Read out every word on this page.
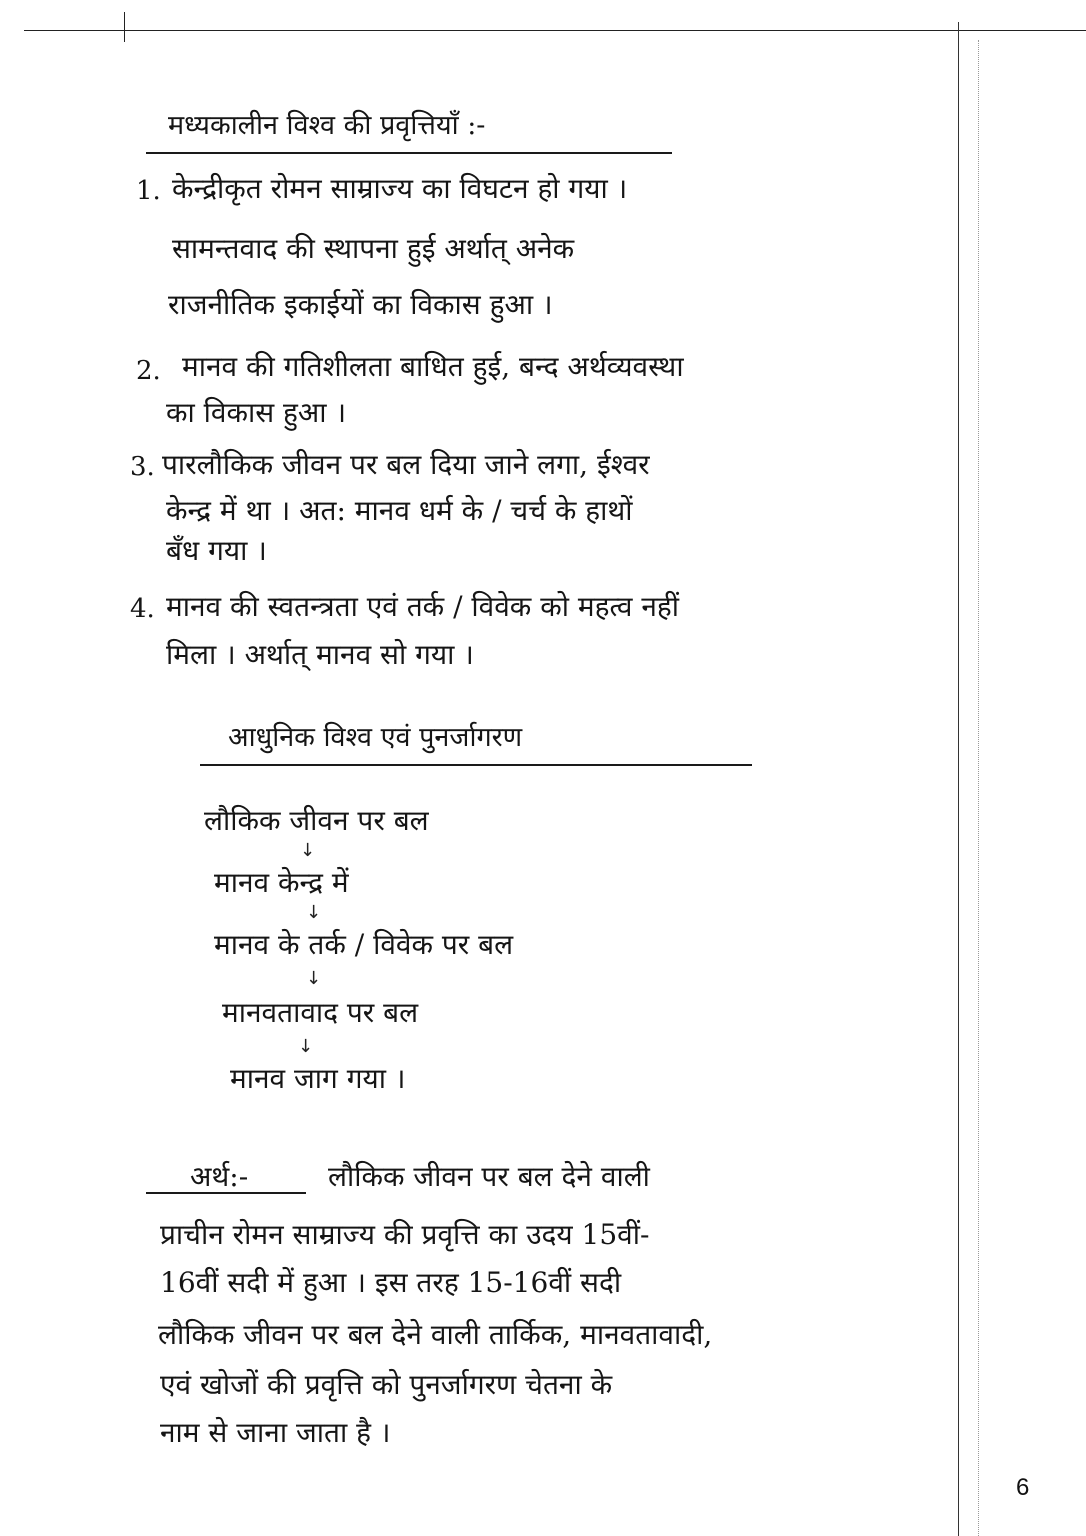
मध्यकालीन विश्व की प्रवृत्तियाँ :-
1. केन्द्रीकृत रोमन साम्राज्य का विघटन हो गया ।
सामन्तवाद की स्थापना हुई अर्थात् अनेक
राजनीतिक इकाईयों का विकास हुआ ।
2. मानव की गतिशीलता बाधित हुई, बन्द अर्थव्यवस्था
का विकास हुआ ।
3. पारलौकिक जीवन पर बल दिया जाने लगा, ईश्वर
केन्द्र में था । अत: मानव धर्म के / चर्च के हाथों
बँध गया ।
4. मानव की स्वतन्त्रता एवं तर्क / विवेक को महत्व नहीं
मिला । अर्थात् मानव सो गया ।
आधुनिक विश्व एवं पुनर्जागरण
लौकिक जीवन पर बल
↓
मानव केन्द्र में
↓
मानव के तर्क / विवेक पर बल
↓
मानवतावाद पर बल
↓
मानव जाग गया ।
अर्थ:-	लौकिक जीवन पर बल देने वाली
प्राचीन रोमन साम्राज्य की प्रवृत्ति का उदय 15वीं-
16वीं सदी में हुआ । इस तरह 15-16वीं सदी
लौकिक जीवन पर बल देने वाली तार्किक, मानवतावादी,
एवं खोजों की प्रवृत्ति को पुनर्जागरण चेतना के
नाम से जाना जाता है ।
6
